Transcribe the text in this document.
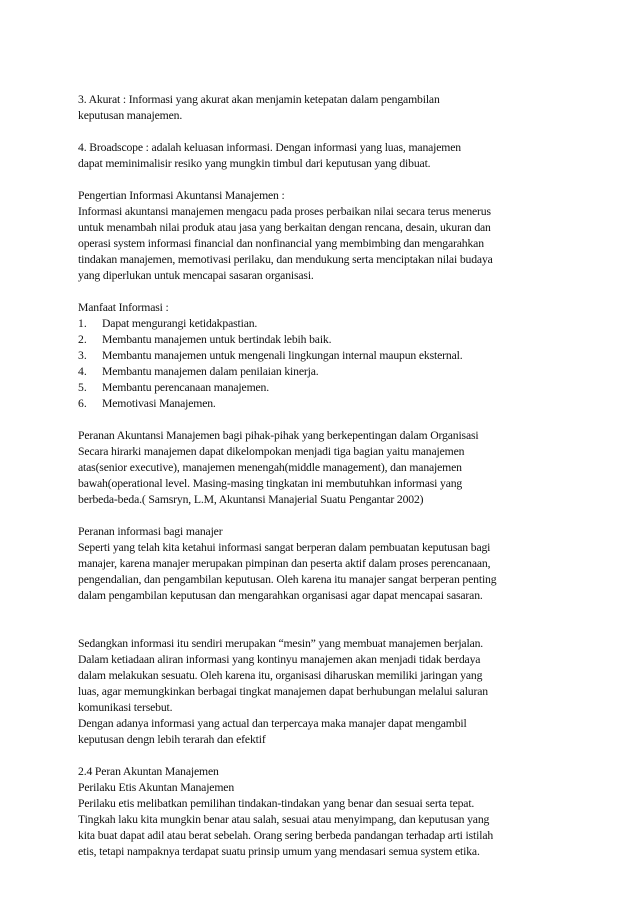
3. Akurat : Informasi yang akurat akan menjamin ketepatan dalam pengambilan
keputusan manajemen.
4. Broadscope : adalah keluasan informasi. Dengan informasi yang luas, manajemen
dapat meminimalisir resiko yang mungkin timbul dari keputusan yang dibuat.
Pengertian Informasi Akuntansi Manajemen :
Informasi akuntansi manajemen mengacu pada proses perbaikan nilai secara terus menerus
untuk menambah nilai produk atau jasa yang berkaitan dengan rencana, desain, ukuran dan
operasi system informasi financial dan nonfinancial yang membimbing dan mengarahkan
tindakan manajemen, memotivasi perilaku, dan mendukung serta menciptakan nilai budaya
yang diperlukan untuk mencapai sasaran organisasi.
Manfaat Informasi :
1.	Dapat mengurangi ketidakpastian.
2.	Membantu manajemen untuk bertindak lebih baik.
3.	Membantu manajemen untuk mengenali lingkungan internal maupun eksternal.
4.	Membantu manajemen dalam penilaian kinerja.
5.	Membantu perencanaan manajemen.
6.	Memotivasi Manajemen.
Peranan Akuntansi Manajemen bagi pihak-pihak yang berkepentingan dalam Organisasi
Secara hirarki manajemen dapat dikelompokan menjadi tiga bagian yaitu manajemen
atas(senior executive), manajemen menengah(middle management), dan manajemen
bawah(operational level. Masing-masing tingkatan ini membutuhkan informasi yang
berbeda-beda.( Samsryn, L.M, Akuntansi Manajerial Suatu Pengantar 2002)
Peranan informasi bagi manajer
Seperti yang telah kita ketahui informasi sangat berperan dalam pembuatan keputusan bagi
manajer, karena manajer merupakan pimpinan dan peserta aktif dalam proses perencanaan,
pengendalian, dan pengambilan keputusan. Oleh karena itu manajer sangat berperan penting
dalam pengambilan keputusan dan mengarahkan organisasi agar dapat mencapai sasaran.
Sedangkan informasi itu sendiri merupakan “mesin” yang membuat manajemen berjalan.
Dalam ketiadaan aliran informasi yang kontinyu manajemen akan menjadi tidak berdaya
dalam melakukan sesuatu. Oleh karena itu, organisasi diharuskan memiliki jaringan yang
luas, agar memungkinkan berbagai tingkat manajemen dapat berhubungan melalui saluran
komunikasi tersebut.
Dengan adanya informasi yang actual dan terpercaya maka manajer dapat mengambil
keputusan dengn lebih terarah dan efektif
2.4 Peran Akuntan Manajemen
Perilaku Etis Akuntan Manajemen
Perilaku etis melibatkan pemilihan tindakan-tindakan yang benar dan sesuai serta tepat.
Tingkah laku kita mungkin benar atau salah, sesuai atau menyimpang, dan keputusan yang
kita buat dapat adil atau berat sebelah. Orang sering berbeda pandangan terhadap arti istilah
etis, tetapi nampaknya terdapat suatu prinsip umum yang mendasari semua system etika.
